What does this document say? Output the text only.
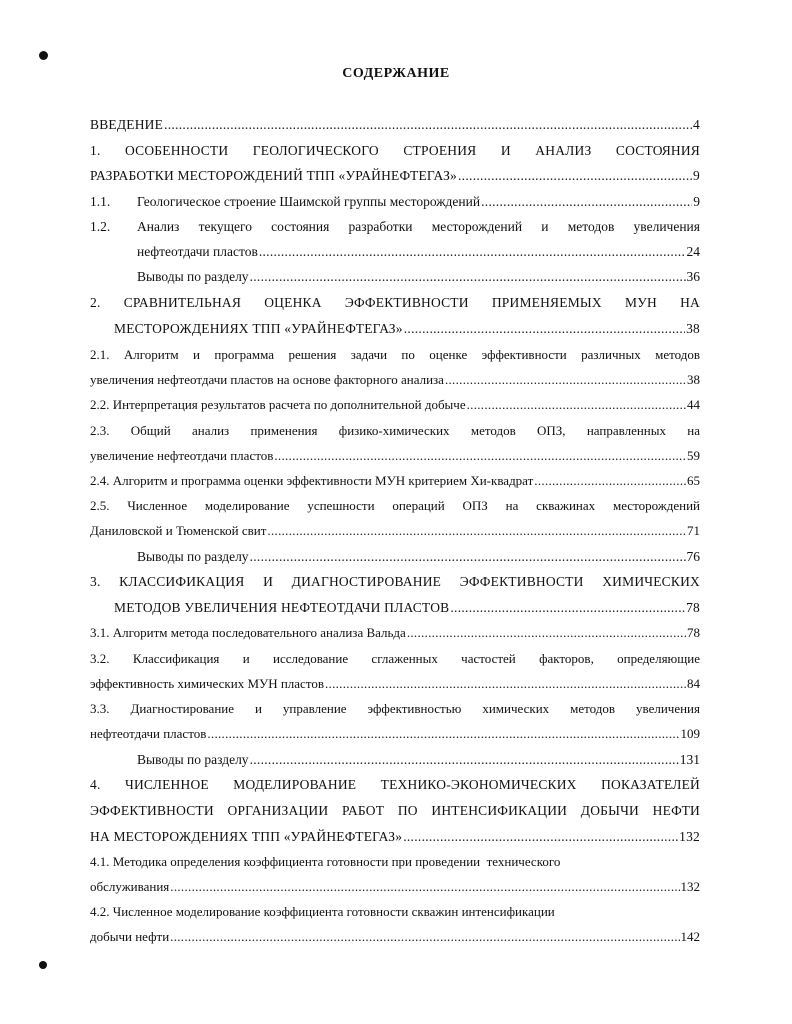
СОДЕРЖАНИЕ
ВВЕДЕНИЕ .....	4
1. ОСОБЕННОСТИ ГЕОЛОГИЧЕСКОГО СТРОЕНИЯ И АНАЛИЗ СОСТОЯНИЯ
РАЗРАБОТКИ МЕСТОРОЖДЕНИЙ ТПП «УРАЙНЕФТЕГАЗ» .....	9
1.1. Геологическое строение Шаимской группы месторождений .....	9
1.2. Анализ текущего состояния разработки месторождений и методов увеличения
нефтеотдачи пластов .....	24
Выводы по разделу .....	36
2. СРАВНИТЕЛЬНАЯ ОЦЕНКА ЭФФЕКТИВНОСТИ ПРИМЕНЯЕМЫХ МУН НА
МЕСТОРОЖДЕНИЯХ ТПП «УРАЙНЕФТЕГАЗ» .....	38
2.1. Алгоритм и программа решения задачи по оценке эффективности различных методов
увеличения нефтеотдачи пластов на основе факторного анализа .....	38
2.2. Интерпретация результатов расчета по дополнительной добыче .....	44
2.3. Общий анализ применения физико-химических методов ОПЗ, направленных на
увеличение нефтеотдачи пластов .....	59
2.4. Алгоритм и программа оценки эффективности МУН критерием Хи-квадрат .....	65
2.5. Численное моделирование успешности операций ОПЗ на скважинах месторождений
Даниловской и Тюменской свит .....	71
Выводы по разделу .....	76
3. КЛАССИФИКАЦИЯ И ДИАГНОСТИРОВАНИЕ ЭФФЕКТИВНОСТИ ХИМИЧЕСКИХ
МЕТОДОВ УВЕЛИЧЕНИЯ НЕФТЕОТДАЧИ ПЛАСТОВ .....	78
3.1. Алгоритм метода последовательного анализа Вальда .....	78
3.2. Классификация и исследование сглаженных частостей факторов, определяющие
эффективность химических МУН пластов .....	84
3.3. Диагностирование и управление эффективностью химических методов увеличения
нефтеотдачи пластов .....	109
Выводы по разделу .....	131
4. ЧИСЛЕННОЕ МОДЕЛИРОВАНИЕ ТЕХНИКО-ЭКОНОМИЧЕСКИХ ПОКАЗАТЕЛЕЙ
ЭФФЕКТИВНОСТИ ОРГАНИЗАЦИИ РАБОТ ПО ИНТЕНСИФИКАЦИИ ДОБЫЧИ НЕФТИ
НА МЕСТОРОЖДЕНИЯХ ТПП «УРАЙНЕФТЕГАЗ» .....	132
4.1. Методика определения коэффициента готовности при проведении  технического
обслуживания .....	132
4.2. Численное моделирование коэффициента готовности скважин интенсификации
добычи нефти .....	142
